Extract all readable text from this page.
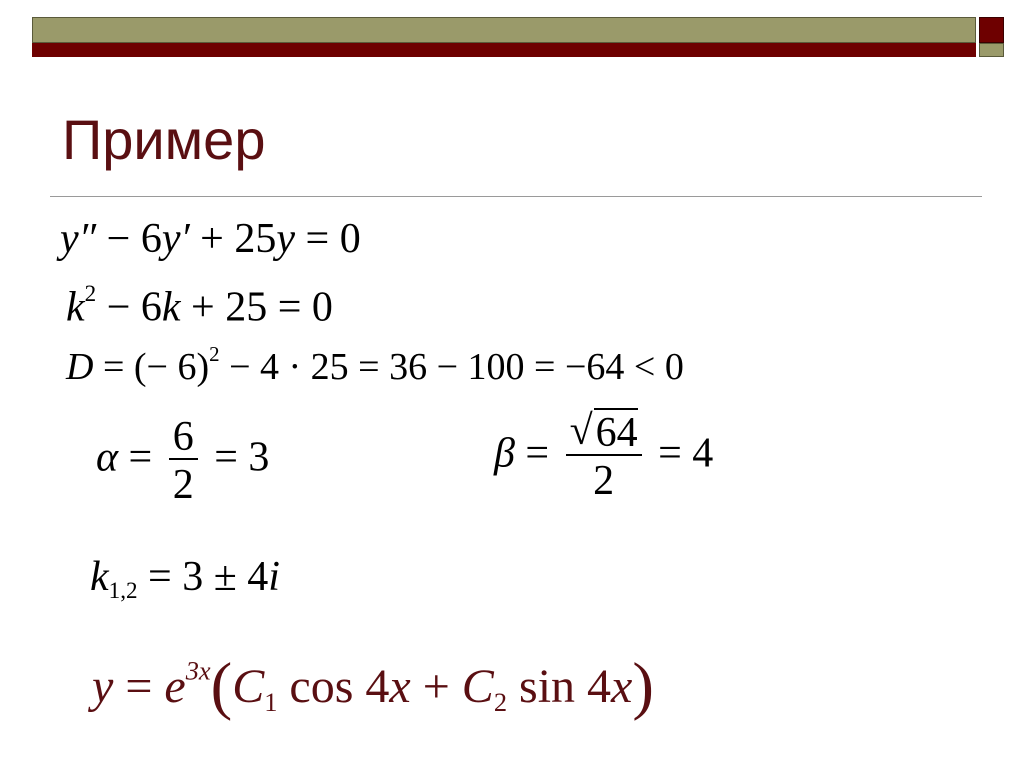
Пример
y″ − 6y′ + 25y = 0
$k^2 - 6k + 25 = 0$
D = (− 6)$^2$ − 4 · 25 = 36 − 100 = −64 < 0
$\alpha = \frac{6}{2} = 3$	$\beta = \frac{√ 64}{2} = 4$
$k_{1,2} = 3 \pm 4i$
$y = e^{3x}(C_1$ $\cos 4x + C_2$ sin 4x)
